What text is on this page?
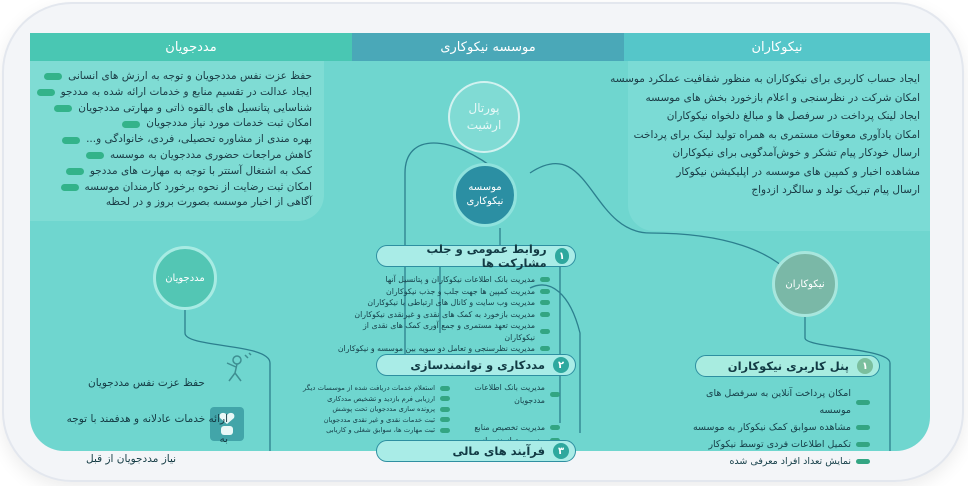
مددجویان	موسسه نیکوکاری	نیکوکاران
حفظ عزت نفس مددجویان و توجه به ارزش های انسانی
ایجاد عدالت در تقسیم منابع و خدمات ارائه شده به مددجو
شناسایی پتانسیل های بالقوه ذاتی و مهارتی مددجویان
امکان ثبت خدمات مورد نیاز مددجویان
بهره مندی از مشاوره تحصیلی، فردی، خانوادگی و...
کاهش مراجعات حضوری مددجویان به موسسه
کمک به اشتغال آستتر با توجه به مهارت های مددجو
امکان ثبت رضایت از نحوه برخورد کارمندان موسسه
آگاهی از اخبار موسسه بصورت بروز و در لحظه
ایجاد حساب کاربری برای نیکوکاران به منظور شفافیت عملکرد موسسه
امکان شرکت در نظرسنجی و اعلام بازخورد بخش های موسسه
ایجاد لینک پرداخت در سرفصل ها و مبالغ دلخواه نیکوکاران
امکان یادآوری معوقات مستمری به همراه تولید لینک برای پرداخت
ارسال خودکار پیام تشکر و خوش‌آمدگویی برای نیکوکاران
مشاهده اخبار و کمپین های موسسه در اپلیکیشن نیکوکار
ارسال پیام تبریک تولد و سالگرد ازدواج
پورتال ارشیت
موسسه نیکوکاری
مددجویان
نیکوکاران
۱
روابط عمومی و جلب مشارکت ها
مدیریت بانک اطلاعات نیکوکاران و پتانسیل آنها
مدیریت کمپین ها جهت جلب و جذب نیکوکاران
مدیریت وب سایت و کانال های ارتباطی با نیکوکاران
مدیریت بازخورد به کمک های نقدی و غیرنقدی نیکوکاران
مدیریت تعهد مستمری و جمع آوری کمک های نقدی از نیکوکاران
مدیریت نظرسنجی و تعامل دو سویه بین موسسه و نیکوکاران
۲
مددکاری و توانمندسازی
مدیریت بانک اطلاعات مددجویان
مدیریت تخصیص منابع
استعلام خدمات دریافت شده از موسسات دیگر
ارزیابی فرم بازدید و تشخیص مددکاری
پرونده سازی مددجویان تحت پوشش
ثبت خدمات نقدی و غیر نقدی مددجویان
ثبت مهارت ها، سوابق شغلی و کاریابی
۳
فرآیند های مالی
۱
پنل کاربری نیکوکاران
امکان پرداخت آنلاین به سرفصل های موسسه
مشاهده سوابق کمک نیکوکار به موسسه
تکمیل اطلاعات فردی توسط نیکوکار
نمایش تعداد افراد معرفی شده
حفظ عزت نفس مددجویان
ارائه خدمات عادلانه و هدفمند با توجه به
نیاز مددجویان از قبل
